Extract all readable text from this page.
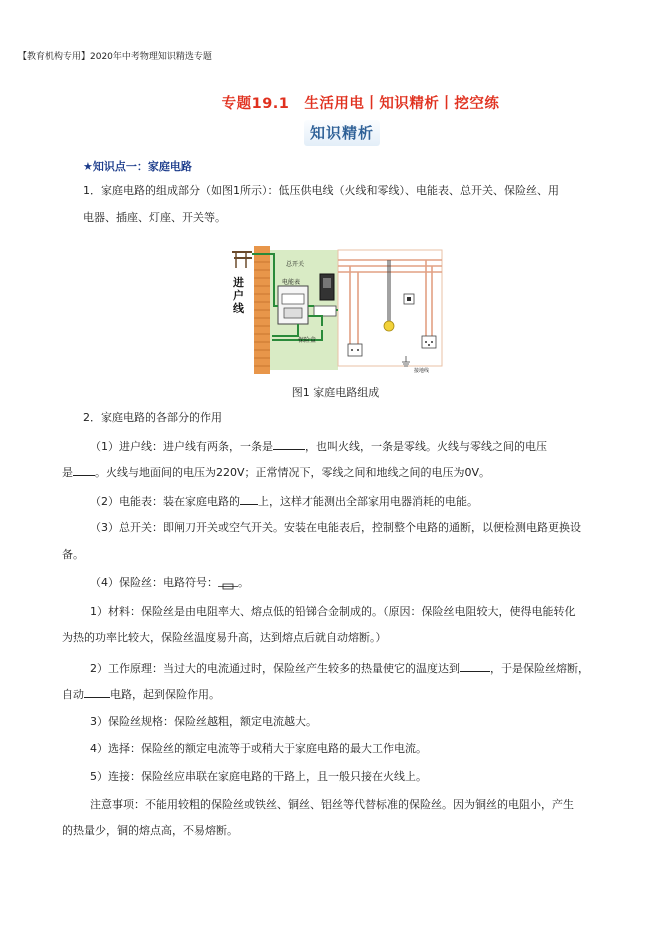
【教育机构专用】2020年中考物理知识精选专题
专题19.1　生活用电丨知识精析丨挖空练
知识精析
★知识点一：家庭电路
1．家庭电路的组成部分（如图1所示）：低压供电线（火线和零线）、电能表、总开关、保险丝、用
电器、插座、灯座、开关等。
总开关
电能表
保险盒
接地线
进户线
图1 家庭电路组成
2．家庭电路的各部分的作用
（1）进户线：进户线有两条，一条是	，也叫火线，一条是零线。火线与零线之间的电压
是 。火线与地面间的电压为220V；正常情况下，零线之间和地线之间的电压为0V。
（2）电能表：装在家庭电路的 上，这样才能测出全部家用电器消耗的电能。
（3）总开关：即闸刀开关或空气开关。安装在电能表后，控制整个电路的通断，以便检测电路更换设
备。
（4）保险丝：电路符号： 。
1）材料：保险丝是由电阻率大、熔点低的铅锑合金制成的。（原因：保险丝电阻较大，使得电能转化
为热的功率比较大，保险丝温度易升高，达到熔点后就自动熔断。）
2）工作原理：当过大的电流通过时，保险丝产生较多的热量使它的温度达到	，于是保险丝熔断，
自动 电路，起到保险作用。
3）保险丝规格：保险丝越粗，额定电流越大。
4）选择：保险丝的额定电流等于或稍大于家庭电路的最大工作电流。
5）连接：保险丝应串联在家庭电路的干路上，且一般只接在火线上。
注意事项：不能用较粗的保险丝或铁丝、铜丝、铝丝等代替标准的保险丝。因为铜丝的电阻小，产生
的热量少，铜的熔点高，不易熔断。
